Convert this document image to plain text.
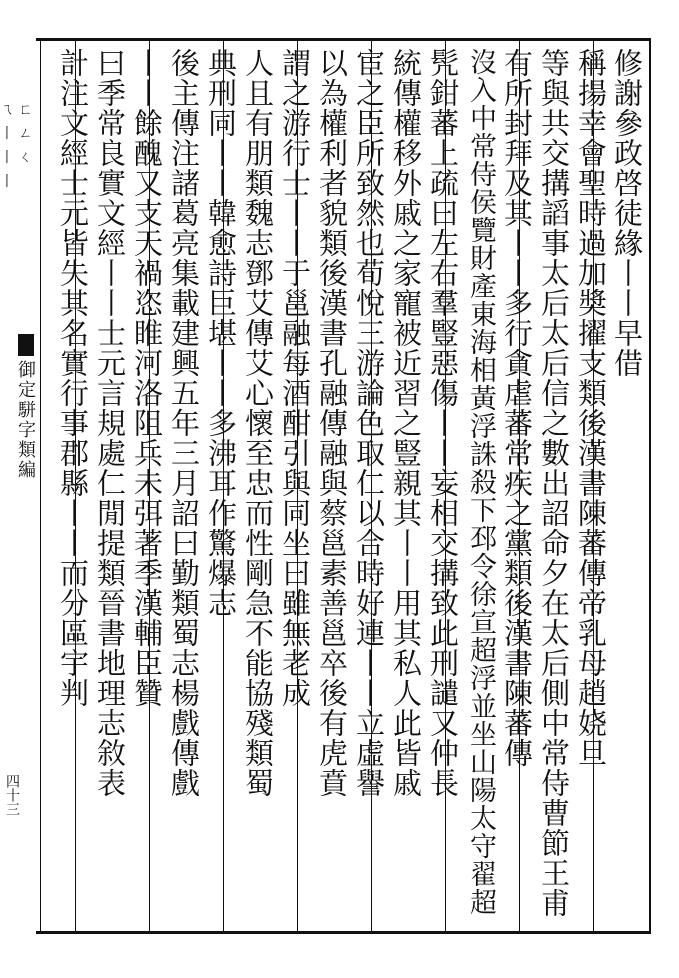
ㄟ ㄈ 丨 ㄥ 丨 ㄑ 丨
御定駢字類編
四十三
修謝參政啓徒緣丨丨早借
稱揚幸會聖時過加奬擢支類後漢書陳蕃傳帝乳母趙娆旦
等與共交搆謟事太后太后信之數出詔命夕在太后側中常侍曹節王甫
有所封拜及其丨丨多行貪虐蕃常疾之黨類後漢書陳蕃傳
沒入中常侍侯覽財產東海相黃浮誅殺下邳令徐宣超浮並坐山陽太守翟超
髠鉗蕃上疏曰左右羣豎惡傷丨丨妄相交搆致此刑譴又仲長
統傳權移外戚之家寵被近習之豎親其丨丨用其私人此皆戚
宦之臣所致然也荀悅三游論色取仁以合時好連丨丨立虛譽
以為權利者貌類後漢書孔融傳融與蔡邕素善邕卒後有虎賁
謂之游行士丨丨于邕融每酒酣引與同坐曰雖無老成
人且有朋類魏志鄧艾傳艾心懷至忠而性剛急不能協殘類蜀
典刑同丨丨韓愈詩巨堪丨丨多沸耳作驚爆志
後主傳注諸葛亮集載建興五年三月詔曰勤類蜀志楊戲傳戲
丨丨餘醜又支天禍恣睢河洛阻兵未弭著季漢輔臣贊
曰季常良實文經丨丨士元言規處仁閒提類晉書地理志敘表
計注文經士元皆失其名實行事郡縣丨丨而分區宇判
